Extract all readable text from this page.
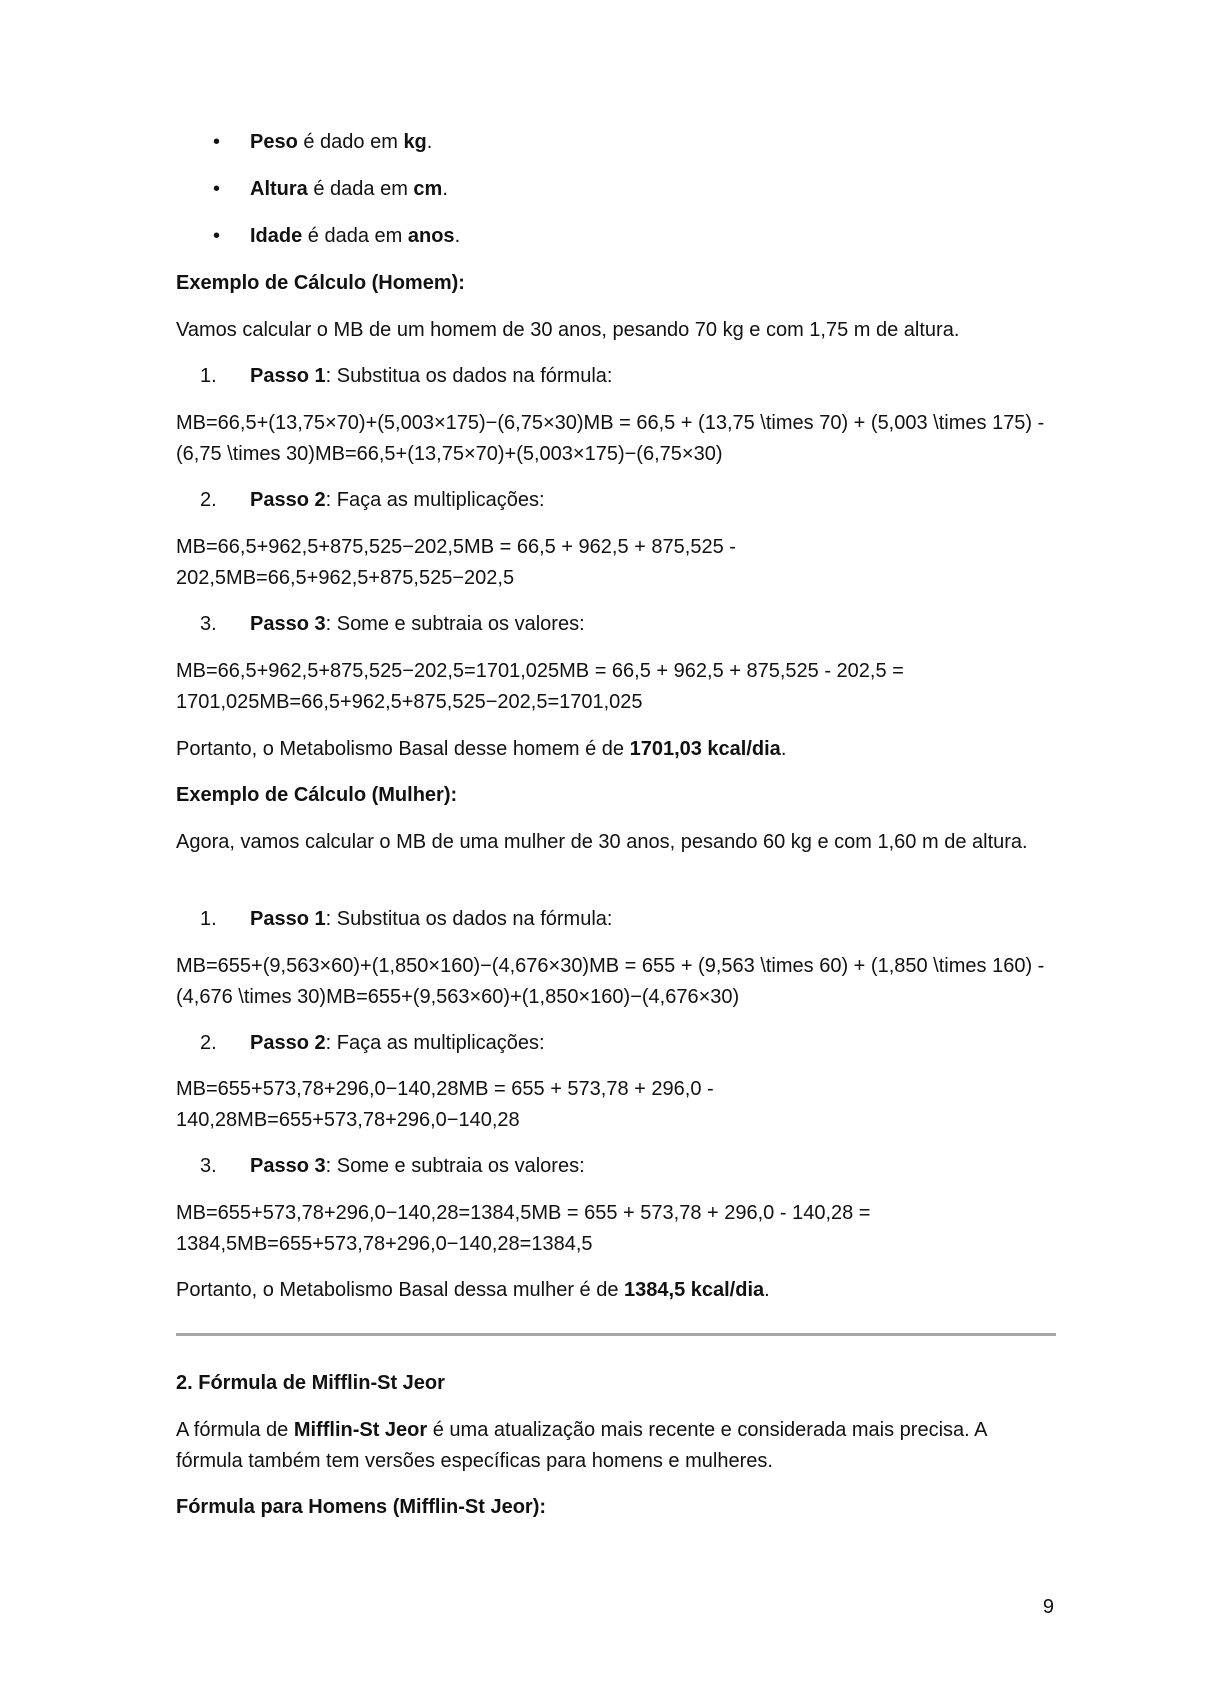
•	Peso é dado em kg.
•	Altura é dada em cm.
•	Idade é dada em anos.
Exemplo de Cálculo (Homem):
Vamos calcular o MB de um homem de 30 anos, pesando 70 kg e com 1,75 m de altura.
1.	Passo 1: Substitua os dados na fórmula:
MB=66,5+(13,75×70)+(5,003×175)−(6,75×30)MB = 66,5 + (13,75 \times 70) + (5,003 \times 175) - (6,75 \times 30)MB=66,5+(13,75×70)+(5,003×175)−(6,75×30)
2.	Passo 2: Faça as multiplicações:
MB=66,5+962,5+875,525−202,5MB = 66,5 + 962,5 + 875,525 - 202,5MB=66,5+962,5+875,525−202,5
3.	Passo 3: Some e subtraia os valores:
MB=66,5+962,5+875,525−202,5=1701,025MB = 66,5 + 962,5 + 875,525 - 202,5 = 1701,025MB=66,5+962,5+875,525−202,5=1701,025
Portanto, o Metabolismo Basal desse homem é de 1701,03 kcal/dia.
Exemplo de Cálculo (Mulher):
Agora, vamos calcular o MB de uma mulher de 30 anos, pesando 60 kg e com 1,60 m de altura.
1.	Passo 1: Substitua os dados na fórmula:
MB=655+(9,563×60)+(1,850×160)−(4,676×30)MB = 655 + (9,563 \times 60) + (1,850 \times 160) - (4,676 \times 30)MB=655+(9,563×60)+(1,850×160)−(4,676×30)
2.	Passo 2: Faça as multiplicações:
MB=655+573,78+296,0−140,28MB = 655 + 573,78 + 296,0 - 140,28MB=655+573,78+296,0−140,28
3.	Passo 3: Some e subtraia os valores:
MB=655+573,78+296,0−140,28=1384,5MB = 655 + 573,78 + 296,0 - 140,28 = 1384,5MB=655+573,78+296,0−140,28=1384,5
Portanto, o Metabolismo Basal dessa mulher é de 1384,5 kcal/dia.
2. Fórmula de Mifflin-St Jeor
A fórmula de Mifflin-St Jeor é uma atualização mais recente e considerada mais precisa. A fórmula também tem versões específicas para homens e mulheres.
Fórmula para Homens (Mifflin-St Jeor):
9
